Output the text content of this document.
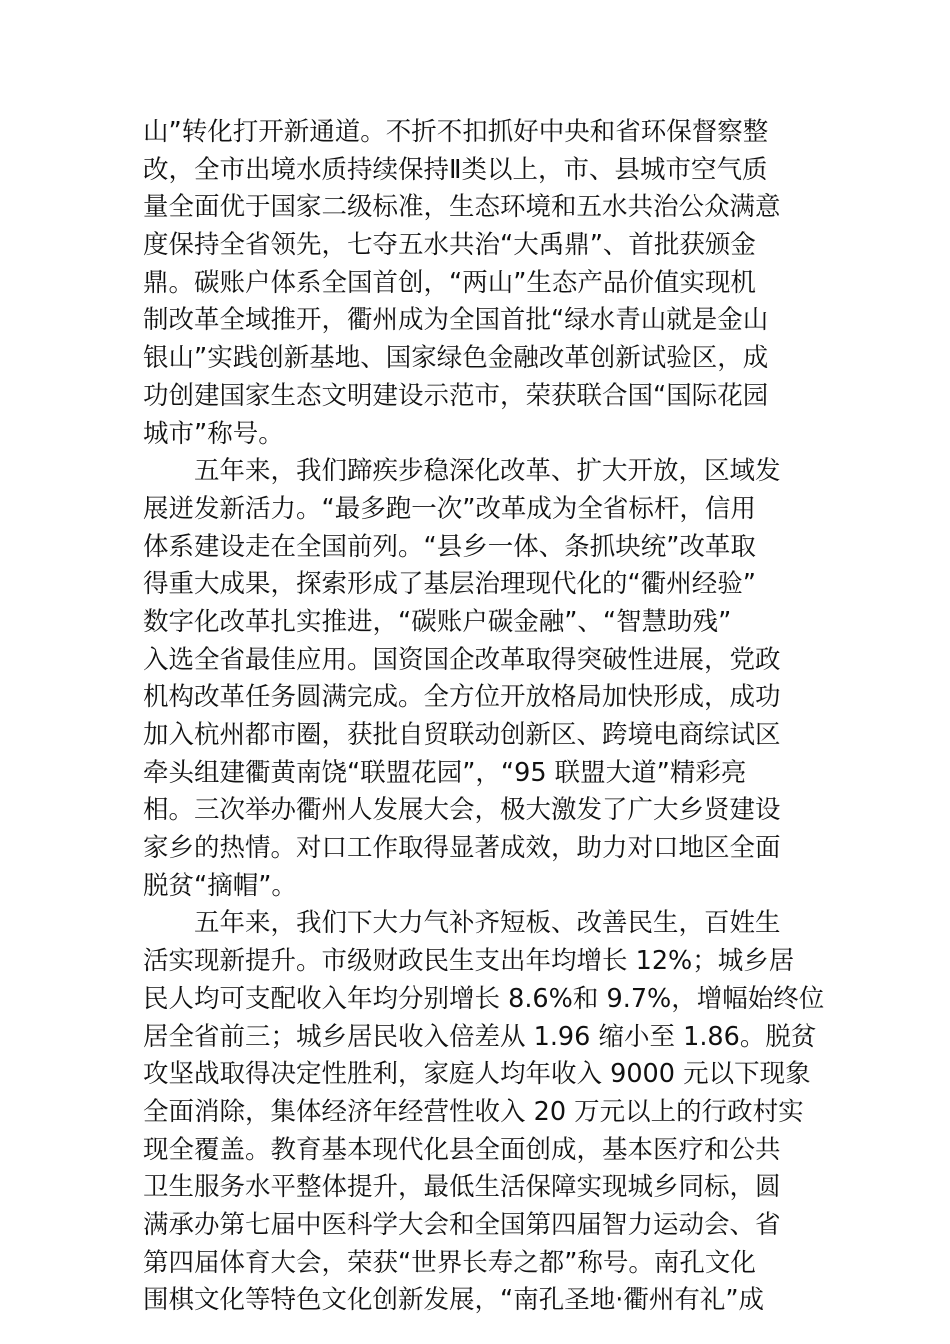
山”转化打开新通道。不折不扣抓好中央和省环保督察整
改，全市出境水质持续保持Ⅱ类以上，市、县城市空气质
量全面优于国家二级标准，生态环境和五水共治公众满意
度保持全省领先，七夺五水共治“大禹鼎”、首批获颁金
鼎。碳账户体系全国首创，“两山”生态产品价值实现机
制改革全域推开，衢州成为全国首批“绿水青山就是金山
银山”实践创新基地、国家绿色金融改革创新试验区，成
功创建国家生态文明建设示范市，荣获联合国“国际花园
城市”称号。
　　五年来，我们蹄疾步稳深化改革、扩大开放，区域发
展迸发新活力。“最多跑一次”改革成为全省标杆，信用
体系建设走在全国前列。“县乡一体、条抓块统”改革取
得重大成果，探索形成了基层治理现代化的“衢州经验”
数字化改革扎实推进，“碳账户碳金融”、“智慧助残”
入选全省最佳应用。国资国企改革取得突破性进展，党政
机构改革任务圆满完成。全方位开放格局加快形成，成功
加入杭州都市圈，获批自贸联动创新区、跨境电商综试区
牵头组建衢黄南饶“联盟花园”，“95 联盟大道”精彩亮
相。三次举办衢州人发展大会，极大激发了广大乡贤建设
家乡的热情。对口工作取得显著成效，助力对口地区全面
脱贫“摘帽”。
　　五年来，我们下大力气补齐短板、改善民生，百姓生
活实现新提升。市级财政民生支出年均增长 12%；城乡居
民人均可支配收入年均分别增长 8.6%和 9.7%，增幅始终位
居全省前三；城乡居民收入倍差从 1.96 缩小至 1.86。脱贫
攻坚战取得决定性胜利，家庭人均年收入 9000 元以下现象
全面消除，集体经济年经营性收入 20 万元以上的行政村实
现全覆盖。教育基本现代化县全面创成，基本医疗和公共
卫生服务水平整体提升，最低生活保障实现城乡同标，圆
满承办第七届中医科学大会和全国第四届智力运动会、省
第四届体育大会，荣获“世界长寿之都”称号。南孔文化
围棋文化等特色文化创新发展，“南孔圣地·衢州有礼”成
